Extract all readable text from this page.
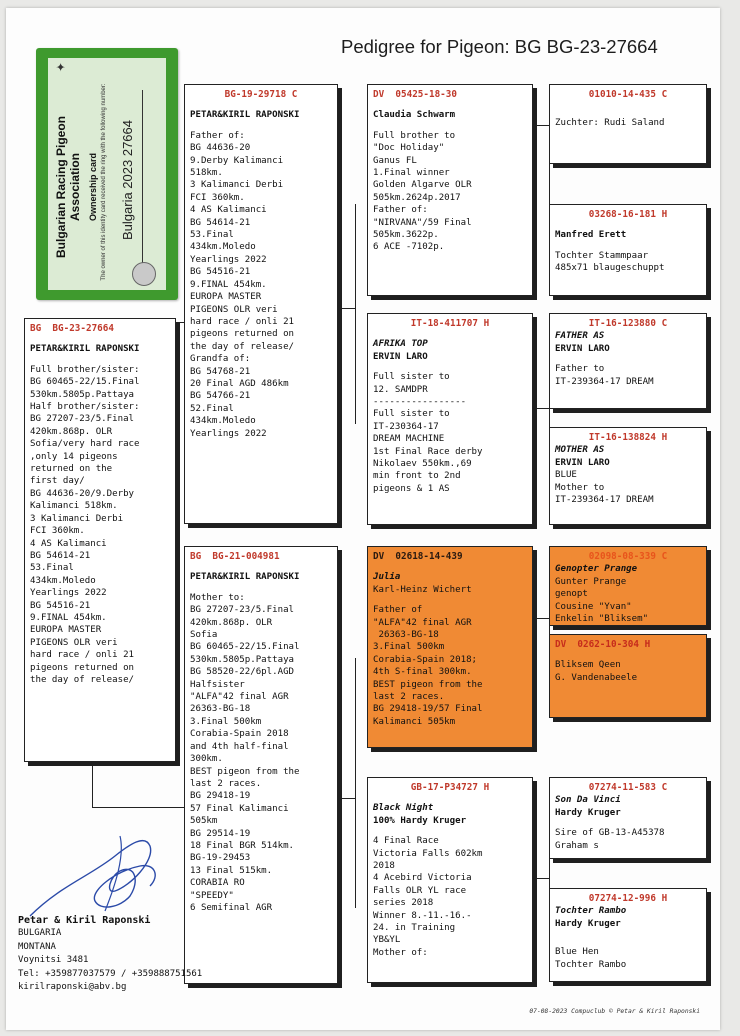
Pedigree for Pigeon: BG BG-23-27664
Bulgarian Racing Pigeon Association Ownership card The owner of this identity card received the ring with the following number: Bulgaria 2023 27664
✦
BG BG-23-27664
PETAR&KIRIL RAPONSKI
Full brother/sister:
BG 60465-22/15.Final
530km.5805p.Pattaya
Half brother/sister:
BG 27207-23/5.Final
420km.868p. OLR
Sofia/very hard race
,only 14 pigeons
returned on the
first day/
BG 44636-20/9.Derby
Kalimanci 518km.
3 Kalimanci Derbi
FCI 360km.
4 AS Kalimanci
BG 54614-21
53.Final
434km.Moledo
Yearlings 2022
BG 54516-21
9.FINAL 454km.
EUROPA MASTER
PIGEONS OLR veri
hard race / onli 21
pigeons returned on
the day of release/
BG-19-29718 C
PETAR&KIRIL RAPONSKI
Father of:
BG 44636-20
9.Derby Kalimanci
518km.
3 Kalimanci Derbi
FCI 360km.
4 AS Kalimanci
BG 54614-21
53.Final
434km.Moledo
Yearlings 2022
BG 54516-21
9.FINAL 454km.
EUROPA MASTER
PIGEONS OLR veri
hard race / onli 21
pigeons returned on
the day of release/
Grandfa of:
BG 54768-21
20 Final AGD 486km
BG 54766-21
52.Final
434km.Moledo
Yearlings 2022
BG BG-21-004981
PETAR&KIRIL RAPONSKI
Mother to:
BG 27207-23/5.Final
420km.868p. OLR
Sofia
BG 60465-22/15.Final
530km.5805p.Pattaya
BG 58520-22/6pl.AGD
Halfsister
"ALFA"42 final AGR
26363-BG-18
3.Final 500km
Corabia-Spain 2018
and 4th half-final
300km.
BEST pigeon from the
last 2 races.
BG 29418-19
57 Final Kalimanci
505km
BG 29514-19
18 Final BGR 514km.
BG-19-29453
13 Final 515km.
CORABIA RO
"SPEEDY"
6 Semifinal AGR
DV 05425-18-30
Claudia Schwarm
Full brother to
"Doc Holiday"
Ganus FL
1.Final winner
Golden Algarve OLR
505km.2624p.2017
Father of:
"NIRVANA"/59 Final
505km.3622p.
6 ACE -7102p.
IT-18-411707 H
AFRIKA TOP
ERVIN LARO
Full sister to
12. SAMDPR
-----------------
Full sister to
IT-230364-17
DREAM MACHINE
1st Final Race derby
Nikolaev 550km.,69
min front to 2nd
pigeons & 1 AS
DV 02618-14-439
Julia
Karl-Heinz Wichert
Father of
"ALFA"42 final AGR
26363-BG-18
3.Final 500km
Corabia-Spain 2018;
4th S-final 300km.
BEST pigeon from the
last 2 races.
BG 29418-19/57 Final
Kalimanci 505km
GB-17-P34727 H
Black Night
100% Hardy Kruger
4 Final Race
Victoria Falls 602km
2018
4 Acebird Victoria
Falls OLR YL race
series 2018
Winner 8.-11.-16.-
24. in Training
YB&YL
Mother of:
01010-14-435 C
Zuchter: Rudi Saland
03268-16-181 H
Manfred Erett
Tochter Stammpaar
485x71 blaugeschuppt
IT-16-123880 C
FATHER AS
ERVIN LARO
Father to
IT-239364-17 DREAM
IT-16-138824 H
MOTHER AS
ERVIN LARO
BLUE
Mother to
IT-239364-17 DREAM
02098-08-339 C
Genopter Prange
Gunter Prange
genopt
Cousine "Yvan"
Enkelin "Bliksem"
DV 0262-10-304 H
Bliksem Qeen
G. Vandenabeele
07274-11-583 C
Son Da Vinci
Hardy Kruger
Sire of GB-13-A45378
Graham s
07274-12-996 H
Tochter Rambo
Hardy Kruger
Blue Hen
Tochter Rambo
Petar & Kiril Raponski
BULGARIA
MONTANA
Voynitsi 3481
Tel: +359877037579 / +359888751561
kirilraponski@abv.bg
07-08-2023 Compuclub © Petar & Kiril Raponski
